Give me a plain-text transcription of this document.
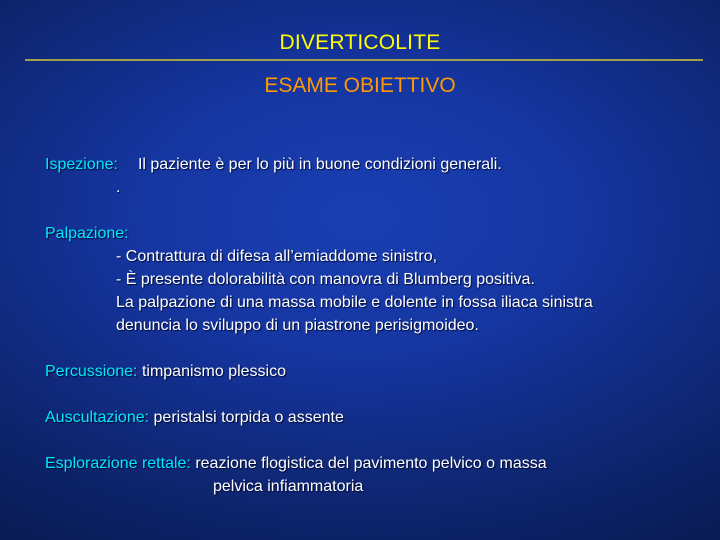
DIVERTICOLITE
ESAME OBIETTIVO
Ispezione: Il paziente è per lo più in buone condizioni generali.
.
Palpazione:
- Contrattura di difesa all’emiaddome sinistro,
- È presente dolorabilità con manovra di Blumberg positiva.
La palpazione di una massa mobile e dolente in fossa iliaca sinistra
denuncia lo sviluppo di un piastrone perisigmoideo.
Percussione: timpanismo plessico
Auscultazione: peristalsi torpida o assente
Esplorazione rettale: reazione flogistica del pavimento pelvico o massa
pelvica infiammatoria
